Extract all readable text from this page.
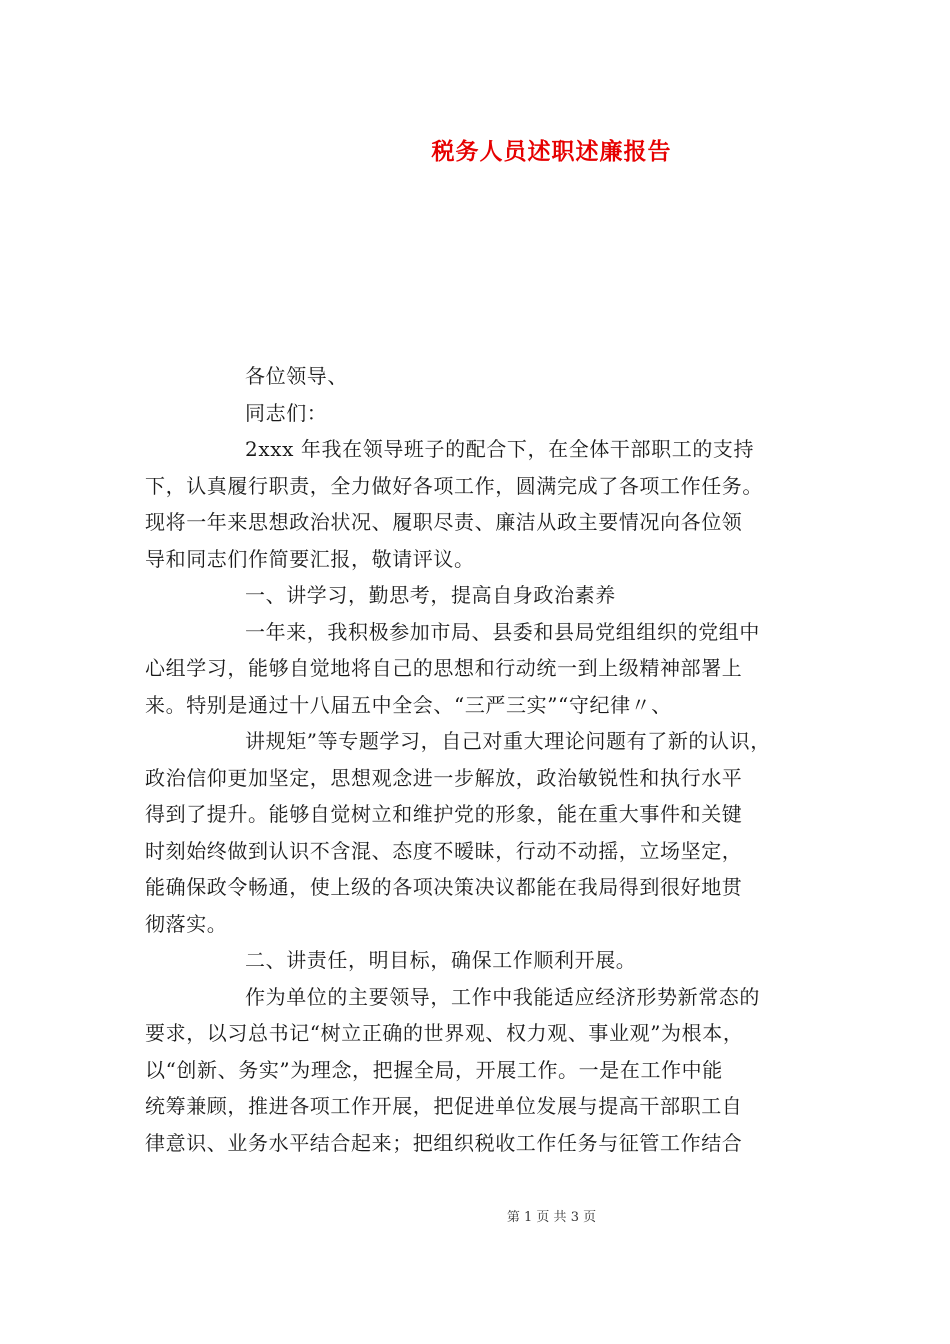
税务人员述职述廉报告
各位领导、
同志们：
2xxx 年我在领导班子的配合下，在全体干部职工的支持
下，认真履行职责，全力做好各项工作，圆满完成了各项工作任务。
现将一年来思想政治状况、履职尽责、廉洁从政主要情况向各位领
导和同志们作简要汇报，敬请评议。
一、讲学习，勤思考，提高自身政治素养
一年来，我积极参加市局、县委和县局党组组织的党组中
心组学习，能够自觉地将自己的思想和行动统一到上级精神部署上
来。特别是通过十八届五中全会、“三严三实”“守纪律〃、
讲规矩”等专题学习，自己对重大理论问题有了新的认识，
政治信仰更加坚定，思想观念进一步解放，政治敏锐性和执行水平
得到了提升。能够自觉树立和维护党的形象，能在重大事件和关键
时刻始终做到认识不含混、态度不暧昧，行动不动摇，立场坚定，
能确保政令畅通，使上级的各项决策决议都能在我局得到很好地贯
彻落实。
二、讲责任，明目标，确保工作顺利开展。
作为单位的主要领导，工作中我能适应经济形势新常态的
要求，以习总书记“树立正确的世界观、权力观、事业观”为根本，
以“创新、务实”为理念，把握全局，开展工作。一是在工作中能
统筹兼顾，推进各项工作开展，把促进单位发展与提高干部职工自
律意识、业务水平结合起来；把组织税收工作任务与征管工作结合
第 1 页 共 3 页
